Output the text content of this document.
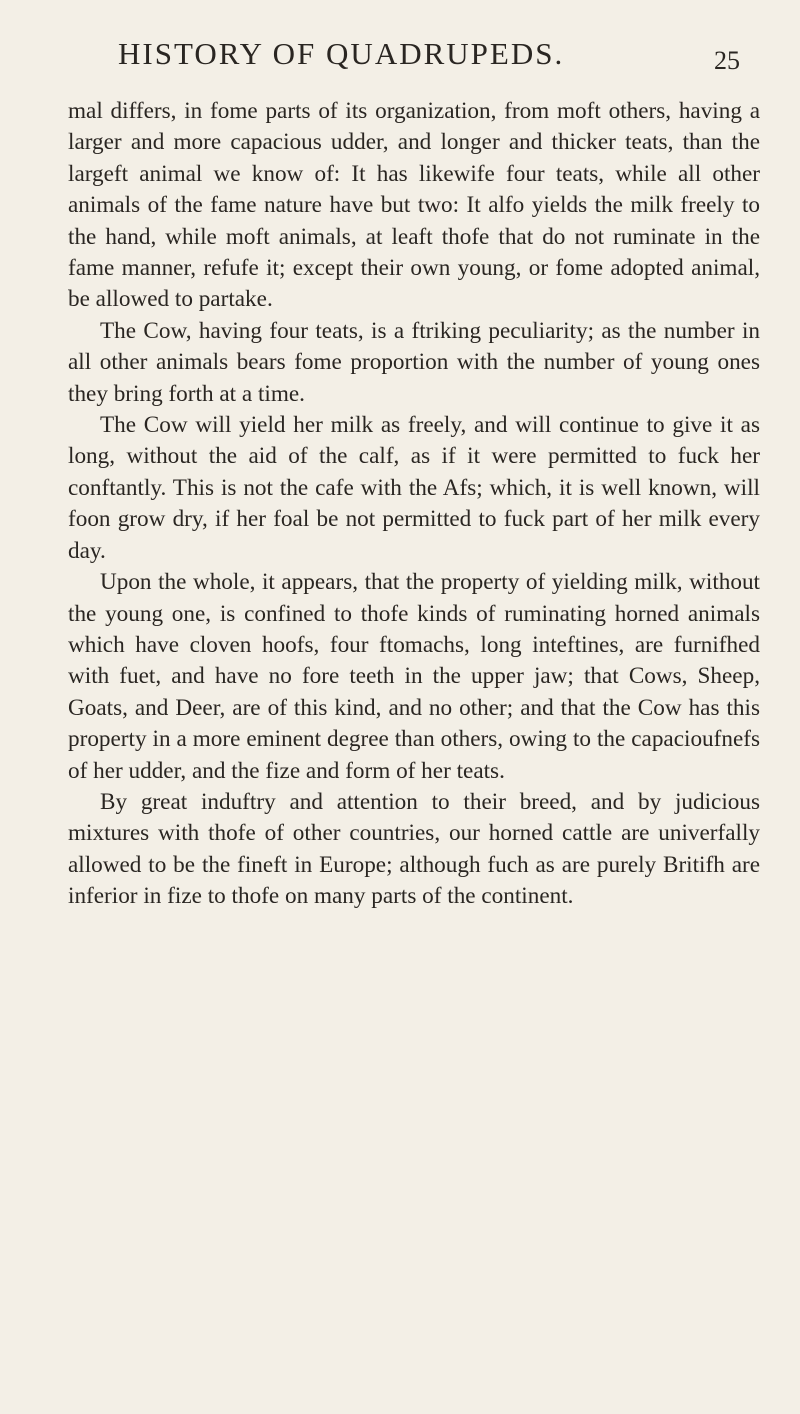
HISTORY OF QUADRUPEDS.	25

mal differs, in fome parts of its organization, from moft others, having a larger and more capacious udder, and longer and thicker teats, than the largeft animal we know of: It has likewife four teats, while all other animals of the fame nature have but two: It alfo yields the milk freely to the hand, while moft animals, at leaft thofe that do not ruminate in the fame manner, refufe it; except their own young, or fome adopted animal, be allowed to partake.

The Cow, having four teats, is a ftriking peculiarity; as the number in all other animals bears fome proportion with the number of young ones they bring forth at a time.

The Cow will yield her milk as freely, and will continue to give it as long, without the aid of the calf, as if it were permitted to fuck her conftantly. This is not the cafe with the Afs; which, it is well known, will foon grow dry, if her foal be not permitted to fuck part of her milk every day.

Upon the whole, it appears, that the property of yielding milk, without the young one, is confined to thofe kinds of ruminating horned animals which have cloven hoofs, four ftomachs, long inteftines, are furnifhed with fuet, and have no fore teeth in the upper jaw; that Cows, Sheep, Goats, and Deer, are of this kind, and no other; and that the Cow has this property in a more eminent degree than others, owing to the capacioufnefs of her udder, and the fize and form of her teats.

By great induftry and attention to their breed, and by judicious mixtures with thofe of other countries, our horned cattle are univerfally allowed to be the fineft in Europe; although fuch as are purely Britifh are inferior in fize to thofe on many parts of the continent.
